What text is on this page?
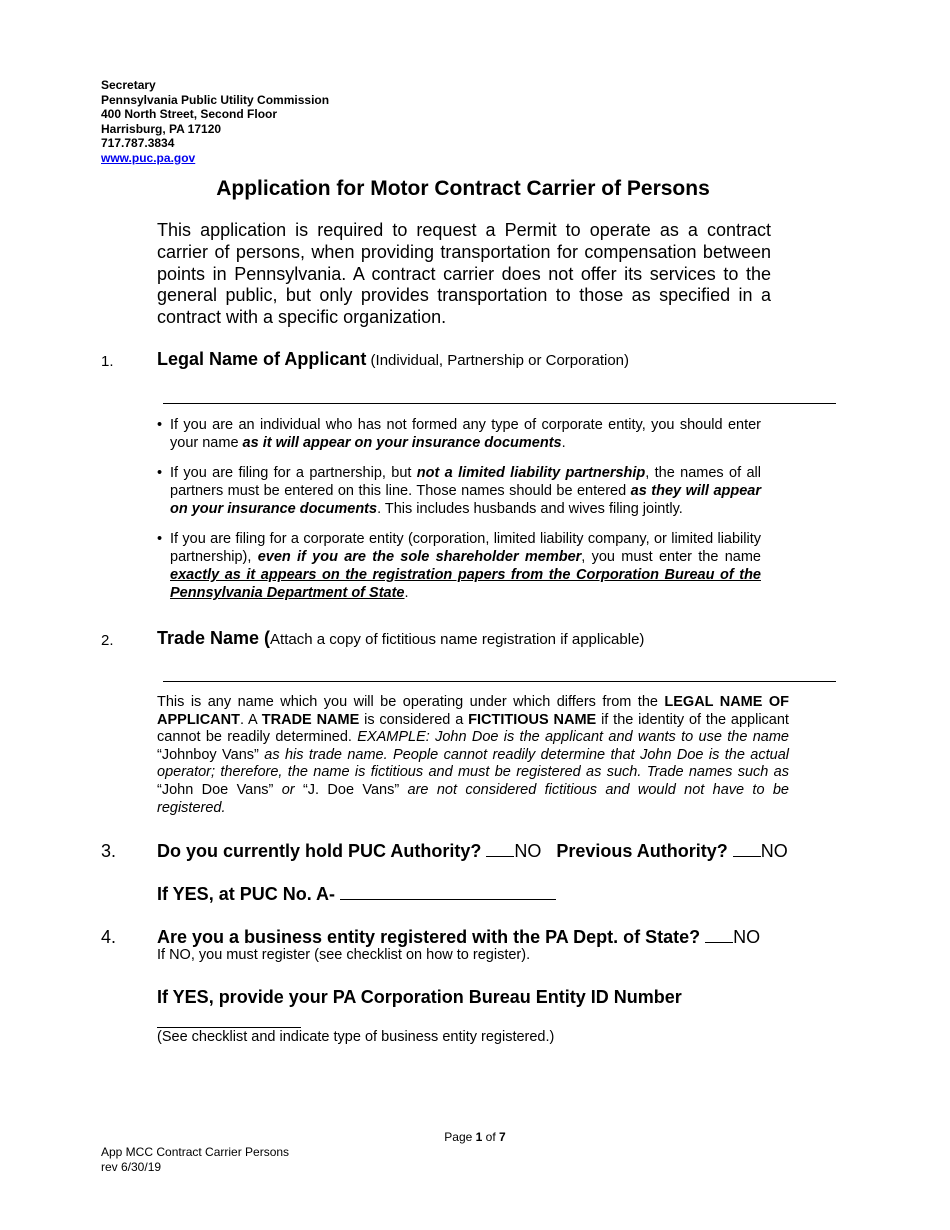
Secretary
Pennsylvania Public Utility Commission
400 North Street, Second Floor
Harrisburg, PA 17120
717.787.3834
www.puc.pa.gov
Application for Motor Contract Carrier of Persons
This application is required to request a Permit to operate as a contract carrier of persons, when providing transportation for compensation between points in Pennsylvania. A contract carrier does not offer its services to the general public, but only provides transportation to those as specified in a contract with a specific organization.
1. Legal Name of Applicant (Individual, Partnership or Corporation)
• If you are an individual who has not formed any type of corporate entity, you should enter your name as it will appear on your insurance documents.
• If you are filing for a partnership, but not a limited liability partnership, the names of all partners must be entered on this line. Those names should be entered as they will appear on your insurance documents. This includes husbands and wives filing jointly.
• If you are filing for a corporate entity (corporation, limited liability company, or limited liability partnership), even if you are the sole shareholder member, you must enter the name exactly as it appears on the registration papers from the Corporation Bureau of the Pennsylvania Department of State.
2. Trade Name (Attach a copy of fictitious name registration if applicable)
This is any name which you will be operating under which differs from the LEGAL NAME OF APPLICANT. A TRADE NAME is considered a FICTITIOUS NAME if the identity of the applicant cannot be readily determined. EXAMPLE: John Doe is the applicant and wants to use the name “Johnboy Vans” as his trade name. People cannot readily determine that John Doe is the actual operator; therefore, the name is fictitious and must be registered as such. Trade names such as “John Doe Vans” or “J. Doe Vans” are not considered fictitious and would not have to be registered.
3. Do you currently hold PUC Authority? NO Previous Authority? NO
If YES, at PUC No. A-
4. Are you a business entity registered with the PA Dept. of State? NO
If NO, you must register (see checklist on how to register).
If YES, provide your PA Corporation Bureau Entity ID Number
(See checklist and indicate type of business entity registered.)
Page 1 of 7
App MCC Contract Carrier Persons
rev 6/30/19
